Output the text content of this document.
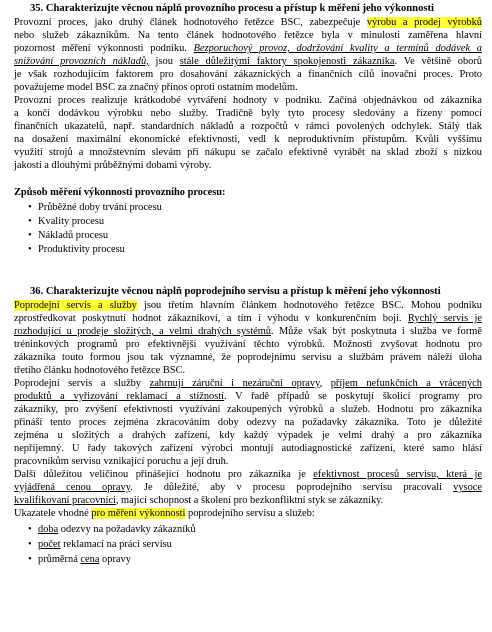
35. Charakterizujte věcnou náplň provozního procesu a přístup k měření jeho výkonnosti
Provozní proces, jako druhý článek hodnotového řetězce BSC, zabezpečuje výrobu a prodej výrobků
nebo služeb zákazníkům. Na tento článek hodnotového řetězce byla v minulosti zaměřena hlavní
pozornost měření výkonnosti podniku. Bezporuchový provoz, dodržování kvality a termínů dodávek a
snižování provozních nákladů, jsou stále důležitými faktory spokojenosti zákazníka. Ve většině oborů
je však rozhodujícím faktorem pro dosahování zákaznických a finančních cílů inovační proces. Proto
považujeme model BSC za značný přínos oproti ostatním modelům.
Provozní proces realizuje krátkodobé vytváření hodnoty v podniku. Začíná objednávkou od zákazníka
a končí dodávkou výrobku nebo služby. Tradičně byly tyto procesy sledovány a řízeny pomocí
finančních ukazatelů, např. standardních nákladů a rozpočtů v rámci povolených odchylek. Stálý tlak
na dosažení maximální ekonomické efektivnosti, vedl k neproduktivním přístupům. Kvůli vyššímu
využití strojů a množstevním slevám při nákupu se začalo efektivně vyrábět na sklad zboží s nízkou
jakostí a dlouhými průběžnými dobami výroby.
Způsob měření výkonnosti provozního procesu:
• Průběžné doby trvání procesu
• Kvality procesu
• Nákladů procesu
• Produktivity procesu
36. Charakterizujte věcnou náplň poprodejního servisu a přístup k měření jeho výkonnosti
Poprodejní servis a služby jsou třetím hlavním článkem hodnotového řetězce BSC. Mohou podniku
zprostředkovat poskytnutí hodnot zákazníkovi, a tím i výhodu v konkurenčním boji. Rychlý servis je
rozhodující u prodeje složitých, a velmi drahých systémů. Může však být poskytnuta i služba ve formě
tréninkových programů pro efektivnější využívání těchto výrobků. Možnosti zvyšovat hodnotu pro
zákazníka touto formou jsou tak významné, že poprodejnímu servisu a službám právem náleží úloha
třetího článku hodnotového řetězce BSC.
Poprodejní servis a služby zahrnují záruční i nezáruční opravy, příjem nefunkčních a vrácených
produktů a vyřizování reklamací a stížností. V řadě případů se poskytují školicí programy pro
zákazníky, pro zvýšení efektivnosti využívání zakoupených výrobků a služeb. Hodnotu pro zákazníka
přináší tento proces zejména zkracováním doby odezvy na požadavky zákazníka. Toto je důležité
zejména u složitých a drahých zařízení, kdy každý výpadek je velmi drahý a pro zákazníka
nepříjemný. U řady takových zařízení výrobci montují autodiagnostické zařízení, které samo hlásí
pracovníkům servisu vznikající poruchu a její druh.
Další důležitou veličinou přinášející hodnotu pro zákazníka je efektivnost procesů servisu, která je
vyjádřená cenou opravy. Je důležité, aby v procesu poprodejního servisu pracovali vysoce
kvalifikovaní pracovníci, mající schopnost a školení pro bezkonfliktní styk se zákazníky.
Ukazatele vhodné pro měření výkonnosti poprodejního servisu a služeb:
• doba odezvy na požadavky zákazníků
• počet reklamací na práci servisu
• průměrná cena opravy
